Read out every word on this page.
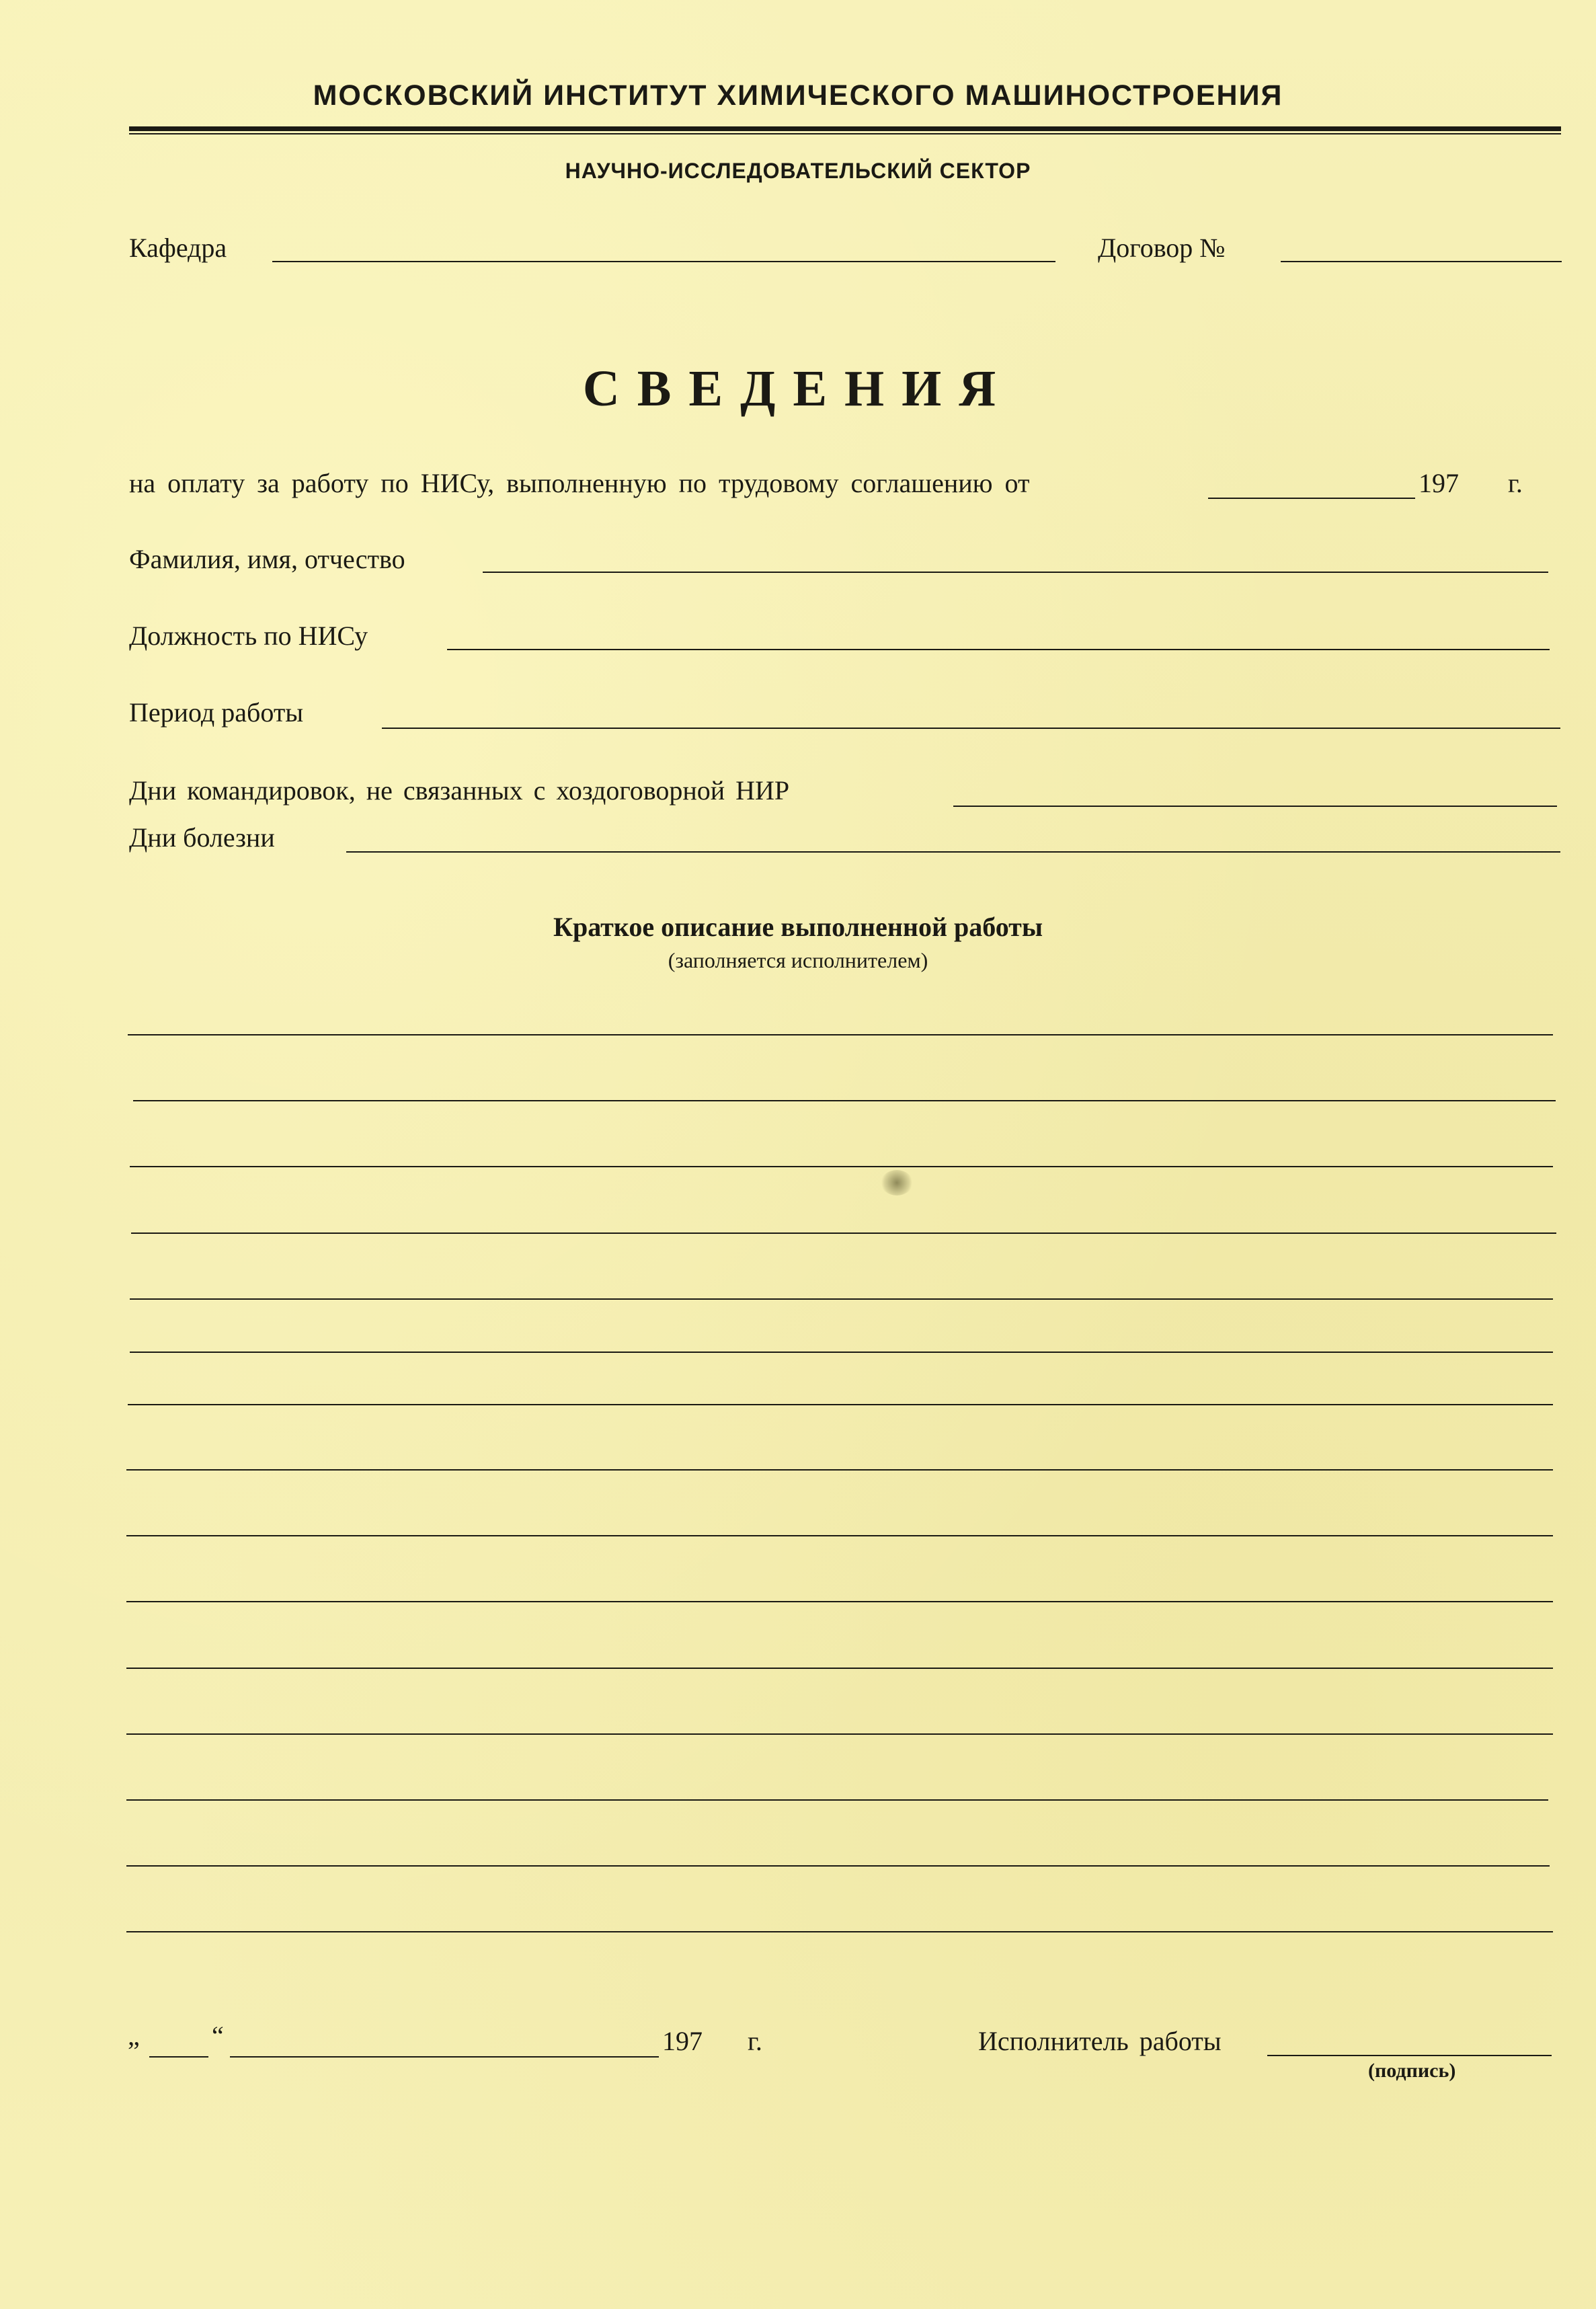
МОСКОВСКИЙ ИНСТИТУТ ХИМИЧЕСКОГО МАШИНОСТРОЕНИЯ
НАУЧНО-ИССЛЕДОВАТЕЛЬСКИЙ СЕКТОР
Кафедра	Договор №
СВЕДЕНИЯ
на оплату за работу по НИСу, выполненную по трудовому соглашению от	197 г.
Фамилия, имя, отчество
Должность по НИСу
Период работы
Дни командировок, не связанных с хоздоговорной НИР
Дни болезни
Краткое описание выполненной работы
(заполняется исполнителем)
„	“	197 г.	Исполнитель работы
(подпись)
